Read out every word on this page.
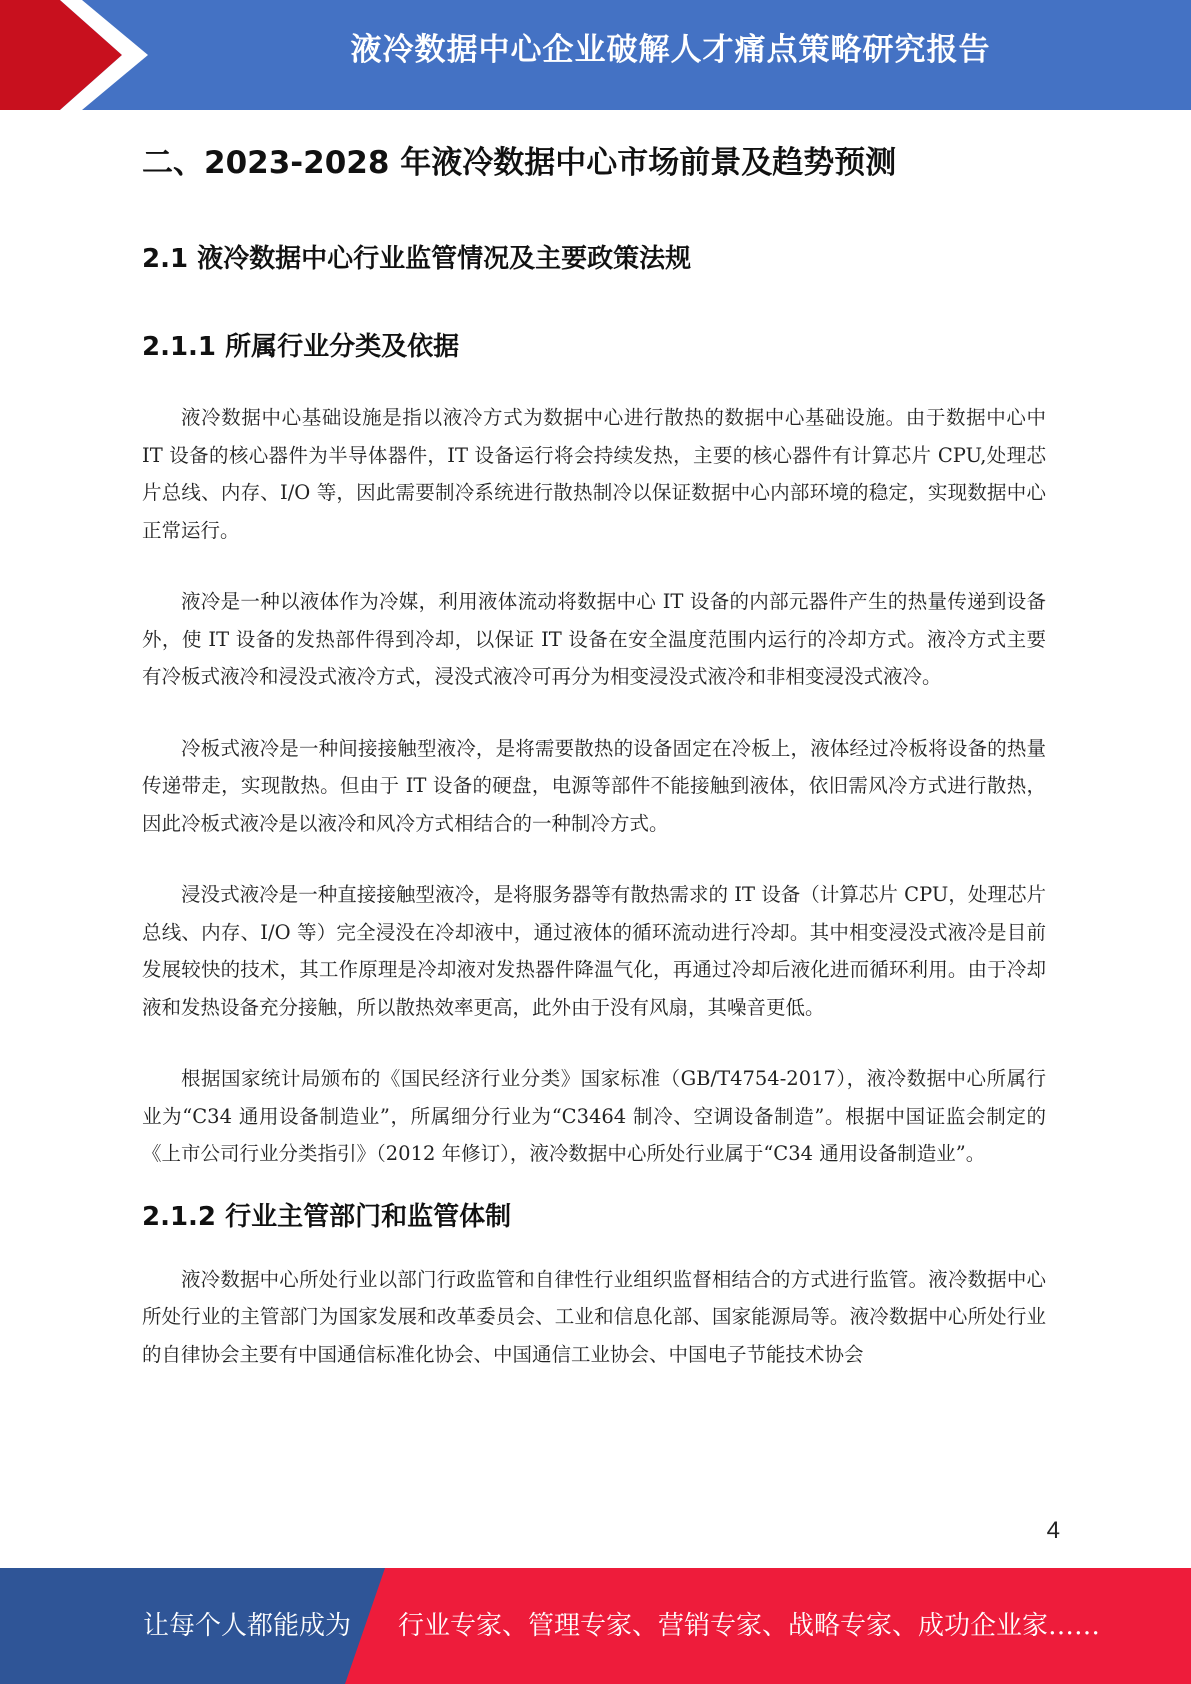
液冷数据中心企业破解人才痛点策略研究报告
二、2023-2028 年液冷数据中心市场前景及趋势预测
2.1 液冷数据中心行业监管情况及主要政策法规
2.1.1 所属行业分类及依据

液冷数据中心基础设施是指以液冷方式为数据中心进行散热的数据中心基础设施。由于数据中心中 IT 设备的核心器件为半导体器件，IT 设备运行将会持续发热，主要的核心器件有计算芯片 CPU,处理芯片总线、内存、I/O 等，因此需要制冷系统进行散热制冷以保证数据中心内部环境的稳定，实现数据中心正常运行。

液冷是一种以液体作为冷媒，利用液体流动将数据中心 IT 设备的内部元器件产生的热量传递到设备外，使 IT 设备的发热部件得到冷却，以保证 IT 设备在安全温度范围内运行的冷却方式。液冷方式主要有冷板式液冷和浸没式液冷方式，浸没式液冷可再分为相变浸没式液冷和非相变浸没式液冷。

冷板式液冷是一种间接接触型液冷，是将需要散热的设备固定在冷板上，液体经过冷板将设备的热量传递带走，实现散热。但由于 IT 设备的硬盘，电源等部件不能接触到液体，依旧需风冷方式进行散热，因此冷板式液冷是以液冷和风冷方式相结合的一种制冷方式。

浸没式液冷是一种直接接触型液冷，是将服务器等有散热需求的 IT 设备（计算芯片 CPU，处理芯片总线、内存、I/O 等）完全浸没在冷却液中，通过液体的循环流动进行冷却。其中相变浸没式液冷是目前发展较快的技术，其工作原理是冷却液对发热器件降温气化，再通过冷却后液化进而循环利用。由于冷却液和发热设备充分接触，所以散热效率更高，此外由于没有风扇，其噪音更低。

根据国家统计局颁布的《国民经济行业分类》国家标准（GB/T4754-2017），液冷数据中心所属行业为“C34 通用设备制造业”，所属细分行业为“C3464 制冷、空调设备制造”。根据中国证监会制定的《上市公司行业分类指引》（2012 年修订），液冷数据中心所处行业属于“C34 通用设备制造业”。

2.1.2 行业主管部门和监管体制

液冷数据中心所处行业以部门行政监管和自律性行业组织监督相结合的方式进行监管。液冷数据中心所处行业的主管部门为国家发展和改革委员会、工业和信息化部、国家能源局等。液冷数据中心所处行业的自律协会主要有中国通信标准化协会、中国通信工业协会、中国电子节能技术协会

4
让每个人都能成为 行业专家、管理专家、营销专家、战略专家、成功企业家……
